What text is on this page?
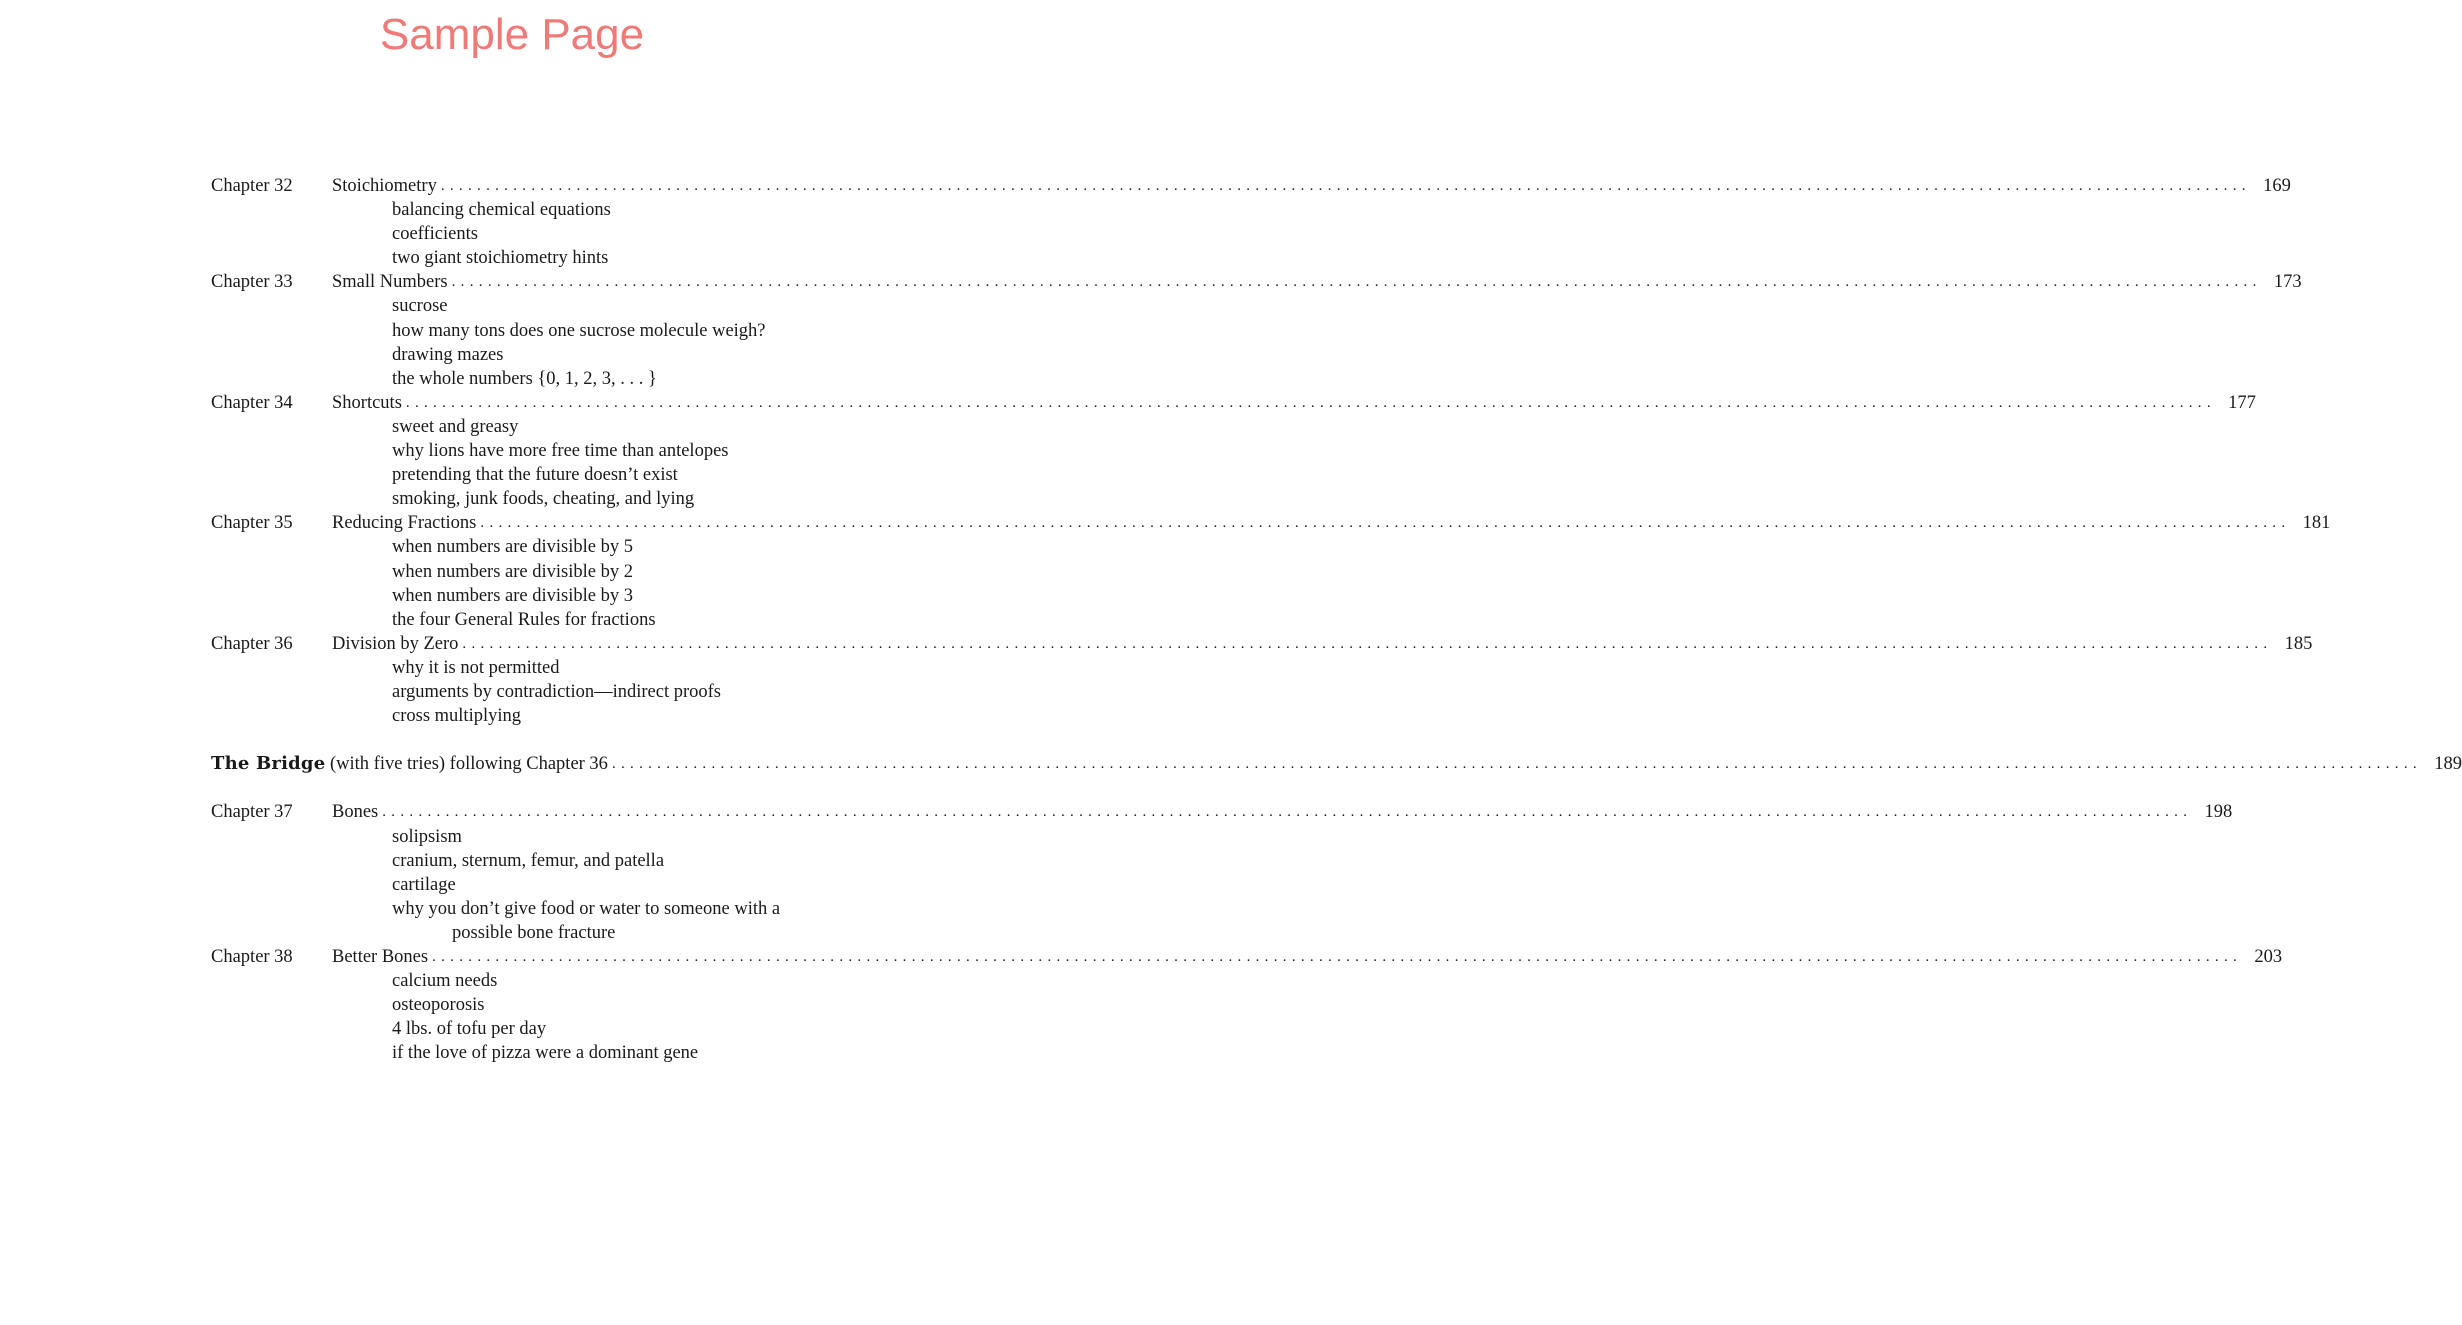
Sample Page
Chapter 32	Stoichiometry ........................................................................................................................................................................................................ 169
balancing chemical equations
coefficients
two giant stoichiometry hints
Chapter 33	Small Numbers ........................................................................................................................................................................................................ 173
sucrose
how many tons does one sucrose molecule weigh?
drawing mazes
the whole numbers {0, 1, 2, 3, . . . }
Chapter 34	Shortcuts ........................................................................................................................................................................................................ 177
sweet and greasy
why lions have more free time than antelopes
pretending that the future doesn’t exist
smoking, junk foods, cheating, and lying
Chapter 35	Reducing Fractions ........................................................................................................................................................................................................ 181
when numbers are divisible by 5
when numbers are divisible by 2
when numbers are divisible by 3
the four General Rules for fractions
Chapter 36	Division by Zero ........................................................................................................................................................................................................ 185
why it is not permitted
arguments by contradiction—indirect proofs
cross multiplying
The Bridge (with five tries) following Chapter 36 ........................................................................................................................................................................................................ 189
Chapter 37	Bones ........................................................................................................................................................................................................ 198
solipsism
cranium, sternum, femur, and patella
cartilage
why you don’t give food or water to someone with a
possible bone fracture
Chapter 38	Better Bones ........................................................................................................................................................................................................ 203
calcium needs
osteoporosis
4 lbs. of tofu per day
if the love of pizza were a dominant gene
